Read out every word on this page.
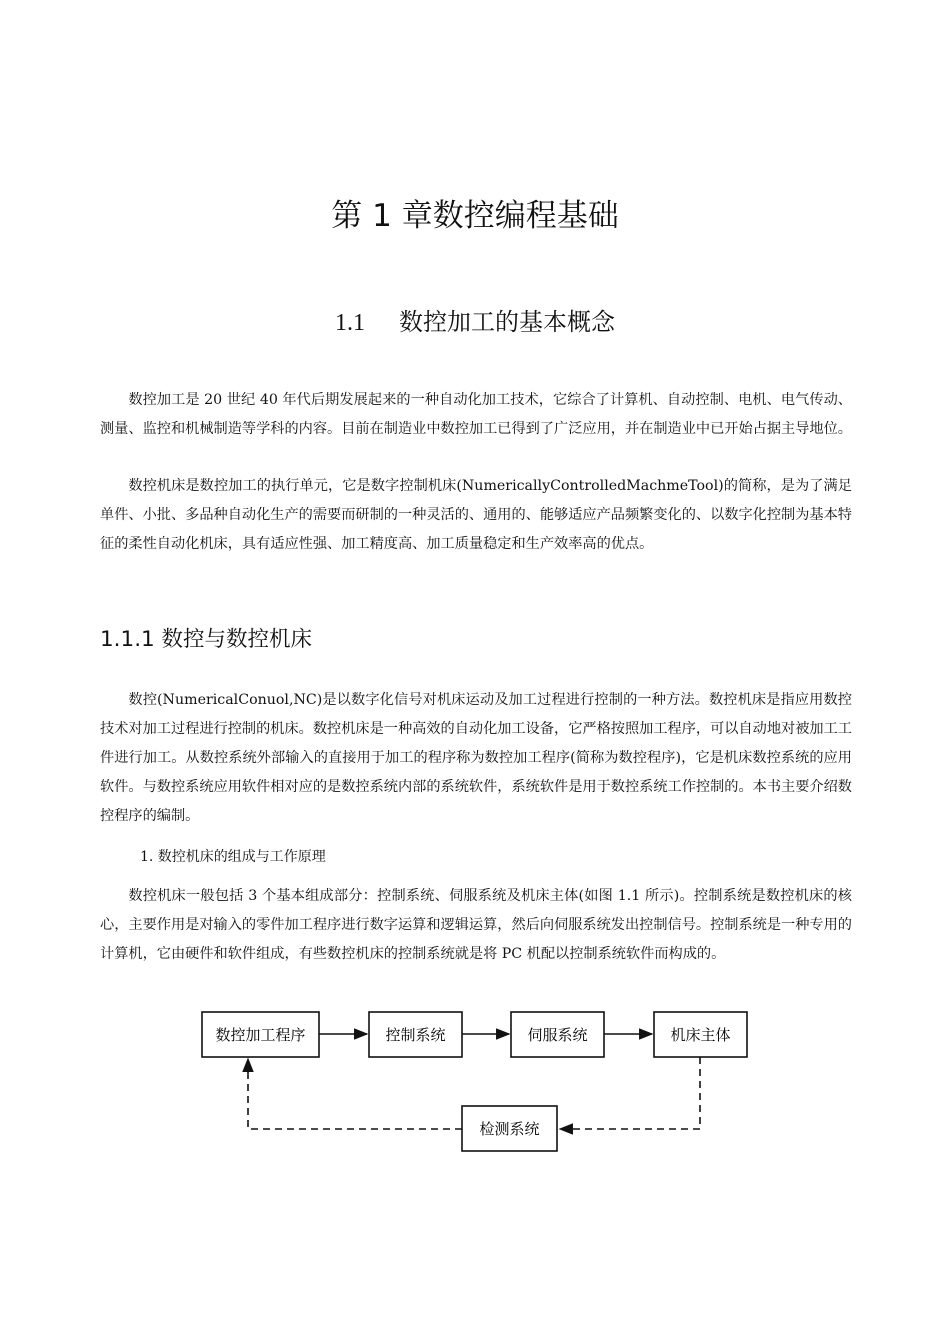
第 1 章数控编程基础
1.1 数控加工的基本概念

数控加工是 20 世纪 40 年代后期发展起来的一种自动化加工技术，它综合了计算机、自动控制、电机、电气传动、测量、监控和机械制造等学科的内容。目前在制造业中数控加工已得到了广泛应用，并在制造业中已开始占据主导地位。

数控机床是数控加工的执行单元，它是数字控制机床(NumericallyControlledMachmeTool)的简称，是为了满足单件、小批、多品种自动化生产的需要而研制的一种灵活的、通用的、能够适应产品频繁变化的、以数字化控制为基本特征的柔性自动化机床，具有适应性强、加工精度高、加工质量稳定和生产效率高的优点。

1.1.1 数控与数控机床

数控(NumericalConuol,NC)是以数字化信号对机床运动及加工过程进行控制的一种方法。数控机床是指应用数控技术对加工过程进行控制的机床。数控机床是一种高效的自动化加工设备，它严格按照加工程序，可以自动地对被加工工件进行加工。从数控系统外部输入的直接用于加工的程序称为数控加工程序(简称为数控程序)，它是机床数控系统的应用软件。与数控系统应用软件相对应的是数控系统内部的系统软件，系统软件是用于数控系统工作控制的。本书主要介绍数控程序的编制。

1. 数控机床的组成与工作原理

数控机床一般包括 3 个基本组成部分：控制系统、伺服系统及机床主体(如图 1.1 所示)。控制系统是数控机床的核心，主要作用是对输入的零件加工程序进行数字运算和逻辑运算，然后向伺服系统发出控制信号。控制系统是一种专用的计算机，它由硬件和软件组成，有些数控机床的控制系统就是将 PC 机配以控制系统软件而构成的。

数控加工程序	控制系统	伺服系统	机床主体
检测系统
